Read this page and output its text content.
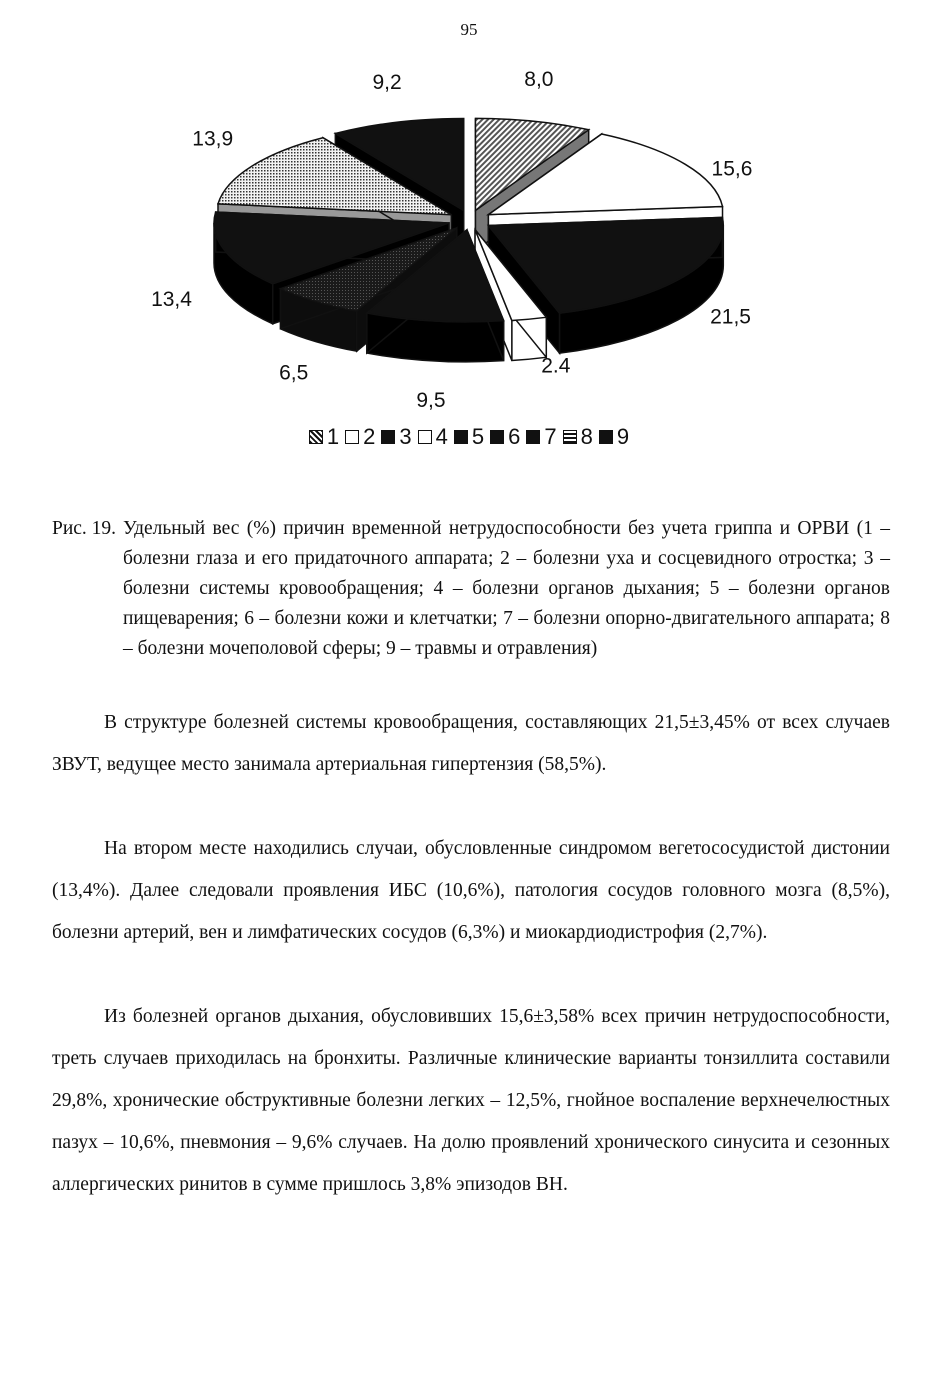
95
8,0
15,6
21,5
2.4
9,5
6,5
13,4
13,9
9,2
1 2 3 4 5 6 7 8 9
Рис. 19. Удельный вес (%) причин временной нетрудоспособности без учета гриппа и ОРВИ (1 – болезни глаза и его придаточного аппарата; 2 – болезни уха и сосцевидного отростка; 3 – болезни системы кровообращения; 4 – болезни органов дыхания; 5 – болезни органов пищеварения; 6 – болезни кожи и клетчатки; 7 – болезни опорно-двигательного аппарата; 8 – болезни мочеполовой сферы; 9 – травмы и отравления)
В структуре болезней системы кровообращения, составляющих 21,5±3,45% от всех случаев ЗВУТ, ведущее место занимала артериальная гипертензия (58,5%).
На втором месте находились случаи, обусловленные синдромом вегетососудистой дистонии (13,4%). Далее следовали проявления ИБС (10,6%), патология сосудов головного мозга (8,5%), болезни артерий, вен и лимфатических сосудов (6,3%) и миокардиодистрофия (2,7%).
Из болезней органов дыхания, обусловивших 15,6±3,58% всех причин нетрудоспособности, треть случаев приходилась на бронхиты. Различные клинические варианты тонзиллита составили 29,8%, хронические обструктивные болезни легких – 12,5%, гнойное воспаление верхнечелюстных пазух – 10,6%, пневмония – 9,6% случаев. На долю проявлений хронического синусита и сезонных аллергических ринитов в сумме пришлось 3,8% эпизодов ВН.
